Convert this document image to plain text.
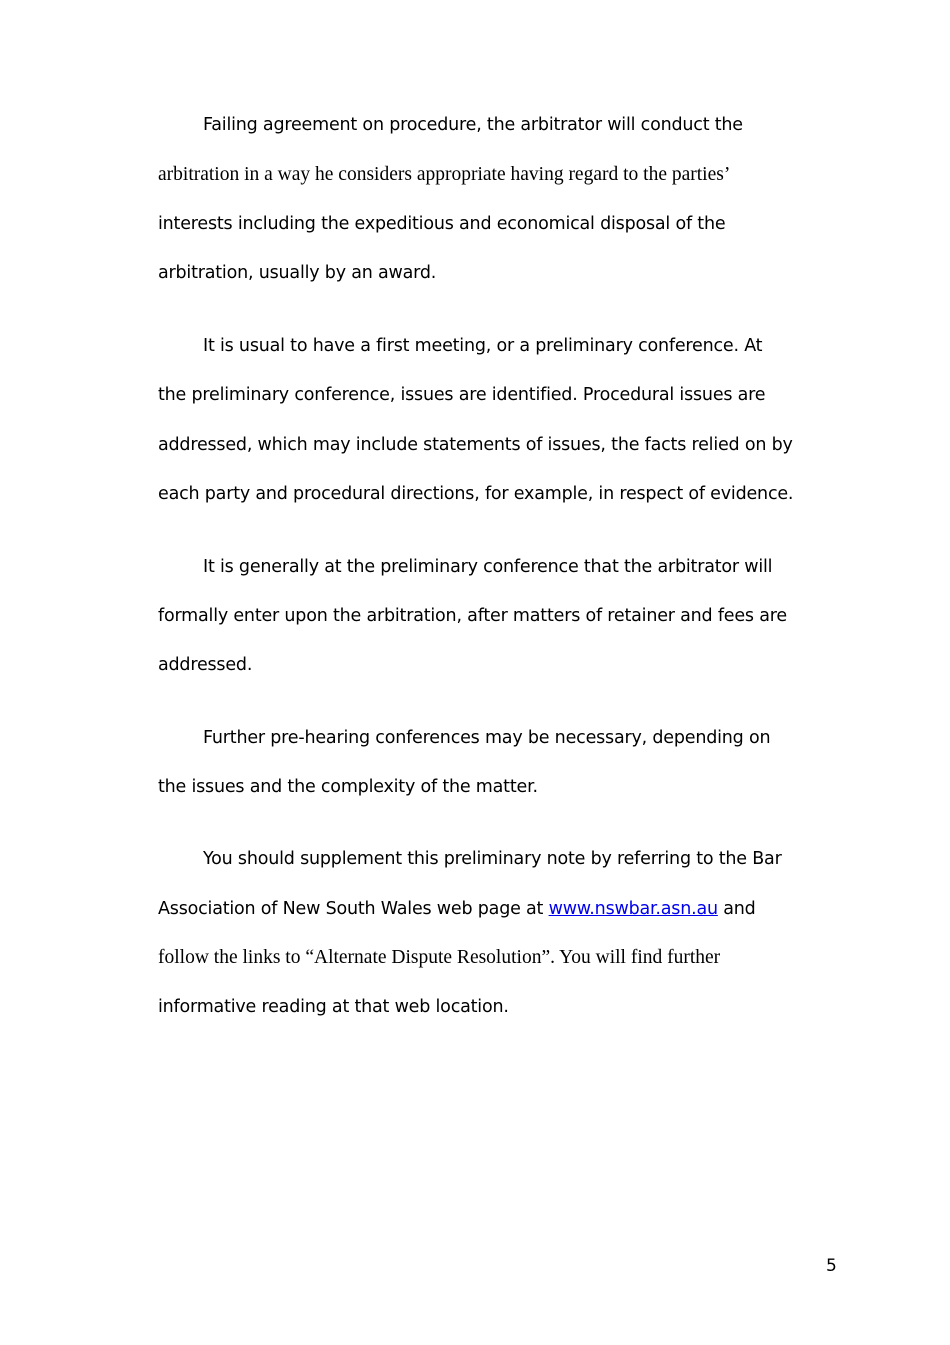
Failing agreement on procedure, the arbitrator will conduct the
arbitration in a way he considers appropriate having regard to the parties’
interests including the expeditious and economical disposal of the
arbitration, usually by an award.
It is usual to have a first meeting, or a preliminary conference. At
the preliminary conference, issues are identified. Procedural issues are
addressed, which may include statements of issues, the facts relied on by
each party and procedural directions, for example, in respect of evidence.
It is generally at the preliminary conference that the arbitrator will
formally enter upon the arbitration, after matters of retainer and fees are
addressed.
Further pre-hearing conferences may be necessary, depending on
the issues and the complexity of the matter.
You should supplement this preliminary note by referring to the Bar
Association of New South Wales web page at www.nswbar.asn.au and
follow the links to “Alternate Dispute Resolution”. You will find further
informative reading at that web location.
5
